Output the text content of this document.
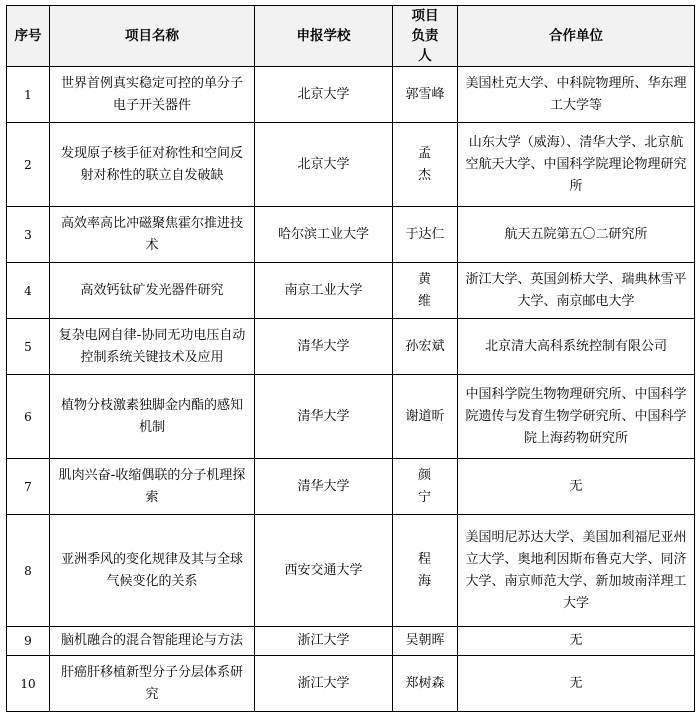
序号	项目名称	申报学校	项目负责人	合作单位
1	世界首例真实稳定可控的单分子电子开关器件	北京大学	郭雪峰	美国杜克大学、中科院物理所、华东理工大学等
2	发现原子核手征对称性和空间反射对称性的联立自发破缺	北京大学	孟杰	山东大学（威海）、清华大学、北京航空航天大学、中国科学院理论物理研究所
3	高效率高比冲磁聚焦霍尔推进技术	哈尔滨工业大学	于达仁	航天五院第五〇二研究所
4	高效钙钛矿发光器件研究	南京工业大学	黄维	浙江大学、英国剑桥大学、瑞典林雪平大学、南京邮电大学
5	复杂电网自律-协同无功电压自动控制系统关键技术及应用	清华大学	孙宏斌	北京清大高科系统控制有限公司
6	植物分枝激素独脚金内酯的感知机制	清华大学	谢道昕	中国科学院生物物理研究所、中国科学院遗传与发育生物学研究所、中国科学院上海药物研究所
7	肌肉兴奋-收缩偶联的分子机理探索	清华大学	颜宁	无
8	亚洲季风的变化规律及其与全球气候变化的关系	西安交通大学	程海	美国明尼苏达大学、美国加利福尼亚州立大学、奥地利因斯布鲁克大学、同济大学、南京师范大学、新加坡南洋理工大学
9	脑机融合的混合智能理论与方法	浙江大学	吴朝晖	无
10	肝癌肝移植新型分子分层体系研究	浙江大学	郑树森	无
